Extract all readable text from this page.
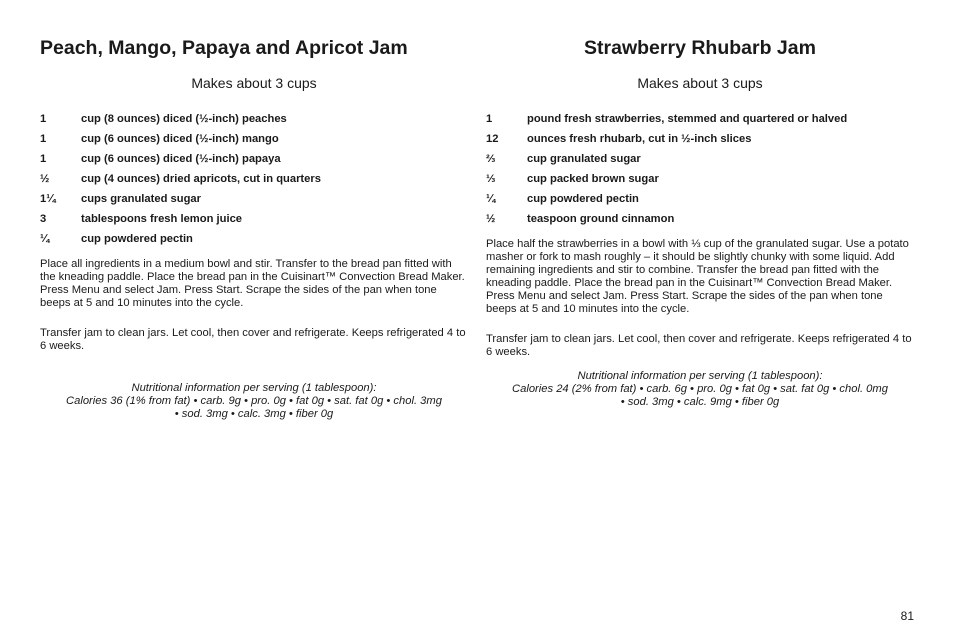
Peach, Mango, Papaya and Apricot Jam
Makes about 3 cups
1	cup (8 ounces) diced (½-inch) peaches
1	cup (6 ounces) diced (½-inch) mango
1	cup (6 ounces) diced (½-inch) papaya
½	cup (4 ounces) dried apricots, cut in quarters
1¼	cups granulated sugar
3	tablespoons fresh lemon juice
¼	cup powdered pectin

Place all ingredients in a medium bowl and stir. Transfer to the bread pan fitted with the kneading paddle. Place the bread pan in the Cuisinart™ Convection Bread Maker. Press Menu and select Jam. Press Start. Scrape the sides of the pan when tone beeps at 5 and 10 minutes into the cycle.

Transfer jam to clean jars. Let cool, then cover and refrigerate. Keeps refrigerated 4 to 6 weeks.

Nutritional information per serving (1 tablespoon):
Calories 36 (1% from fat) • carb. 9g • pro. 0g • fat 0g • sat. fat 0g • chol. 3mg
• sod. 3mg • calc. 3mg • fiber 0g
Strawberry Rhubarb Jam
Makes about 3 cups
1	pound fresh strawberries, stemmed and quartered or halved
12	ounces fresh rhubarb, cut in ½-inch slices
⅔	cup granulated sugar
⅓	cup packed brown sugar
¼	cup powdered pectin
½	teaspoon ground cinnamon

Place half the strawberries in a bowl with ⅓ cup of the granulated sugar. Use a potato masher or fork to mash roughly – it should be slightly chunky with some liquid. Add remaining ingredients and stir to combine. Transfer the bread pan fitted with the kneading paddle. Place the bread pan in the Cuisinart™ Convection Bread Maker. Press Menu and select Jam. Press Start. Scrape the sides of the pan when tone beeps at 5 and 10 minutes into the cycle.

Transfer jam to clean jars. Let cool, then cover and refrigerate. Keeps refrigerated 4 to 6 weeks.

Nutritional information per serving (1 tablespoon):
Calories 24 (2% from fat) • carb. 6g • pro. 0g • fat 0g • sat. fat 0g • chol. 0mg
• sod. 3mg • calc. 9mg • fiber 0g
81
